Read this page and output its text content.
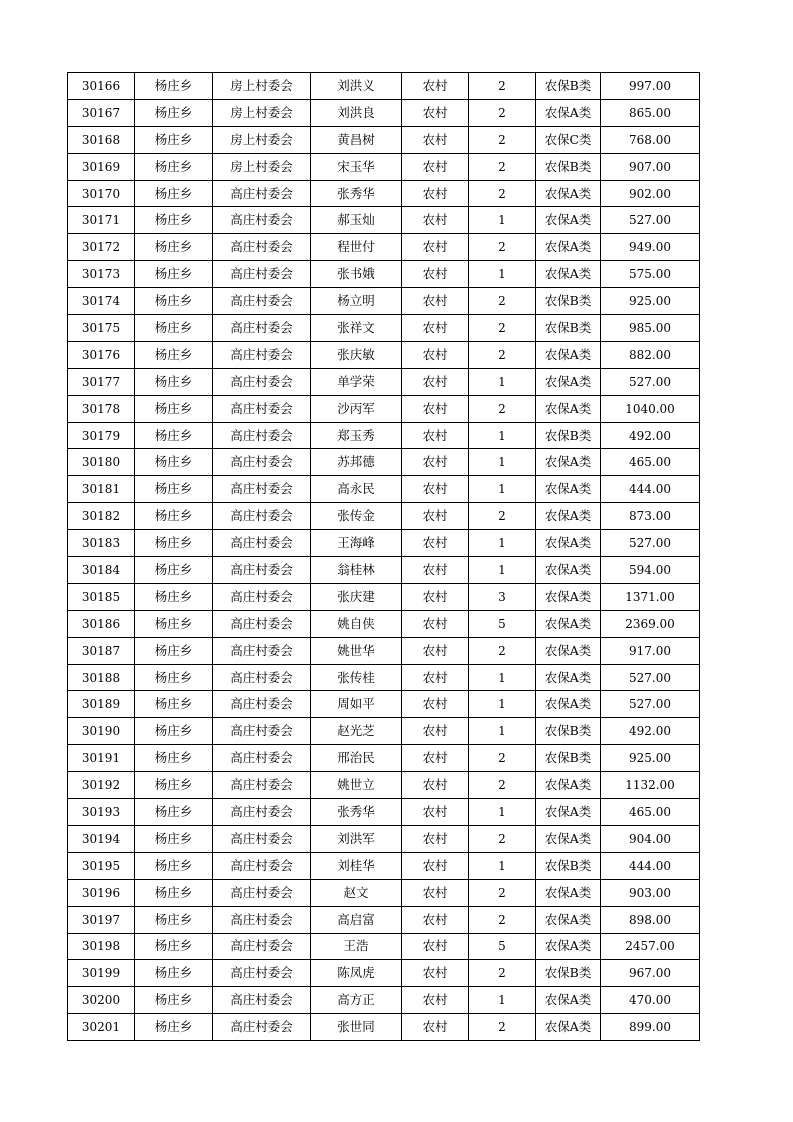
30166	杨庄乡	房上村委会	刘洪义	农村	2	农保B类	997.00
30167	杨庄乡	房上村委会	刘洪良	农村	2	农保A类	865.00
30168	杨庄乡	房上村委会	黄昌树	农村	2	农保C类	768.00
30169	杨庄乡	房上村委会	宋玉华	农村	2	农保B类	907.00
30170	杨庄乡	高庄村委会	张秀华	农村	2	农保A类	902.00
30171	杨庄乡	高庄村委会	郝玉灿	农村	1	农保A类	527.00
30172	杨庄乡	高庄村委会	程世付	农村	2	农保A类	949.00
30173	杨庄乡	高庄村委会	张书娥	农村	1	农保A类	575.00
30174	杨庄乡	高庄村委会	杨立明	农村	2	农保B类	925.00
30175	杨庄乡	高庄村委会	张祥文	农村	2	农保B类	985.00
30176	杨庄乡	高庄村委会	张庆敏	农村	2	农保A类	882.00
30177	杨庄乡	高庄村委会	单学荣	农村	1	农保A类	527.00
30178	杨庄乡	高庄村委会	沙丙军	农村	2	农保A类	1040.00
30179	杨庄乡	高庄村委会	郑玉秀	农村	1	农保B类	492.00
30180	杨庄乡	高庄村委会	苏邦德	农村	1	农保A类	465.00
30181	杨庄乡	高庄村委会	高永民	农村	1	农保A类	444.00
30182	杨庄乡	高庄村委会	张传金	农村	2	农保A类	873.00
30183	杨庄乡	高庄村委会	王海峰	农村	1	农保A类	527.00
30184	杨庄乡	高庄村委会	翁桂林	农村	1	农保A类	594.00
30185	杨庄乡	高庄村委会	张庆建	农村	3	农保A类	1371.00
30186	杨庄乡	高庄村委会	姚自侠	农村	5	农保A类	2369.00
30187	杨庄乡	高庄村委会	姚世华	农村	2	农保A类	917.00
30188	杨庄乡	高庄村委会	张传桂	农村	1	农保A类	527.00
30189	杨庄乡	高庄村委会	周如平	农村	1	农保A类	527.00
30190	杨庄乡	高庄村委会	赵光芝	农村	1	农保B类	492.00
30191	杨庄乡	高庄村委会	邢治民	农村	2	农保B类	925.00
30192	杨庄乡	高庄村委会	姚世立	农村	2	农保A类	1132.00
30193	杨庄乡	高庄村委会	张秀华	农村	1	农保A类	465.00
30194	杨庄乡	高庄村委会	刘洪军	农村	2	农保A类	904.00
30195	杨庄乡	高庄村委会	刘桂华	农村	1	农保B类	444.00
30196	杨庄乡	高庄村委会	赵文	农村	2	农保A类	903.00
30197	杨庄乡	高庄村委会	高启富	农村	2	农保A类	898.00
30198	杨庄乡	高庄村委会	王浩	农村	5	农保A类	2457.00
30199	杨庄乡	高庄村委会	陈凤虎	农村	2	农保B类	967.00
30200	杨庄乡	高庄村委会	高方正	农村	1	农保A类	470.00
30201	杨庄乡	高庄村委会	张世同	农村	2	农保A类	899.00
